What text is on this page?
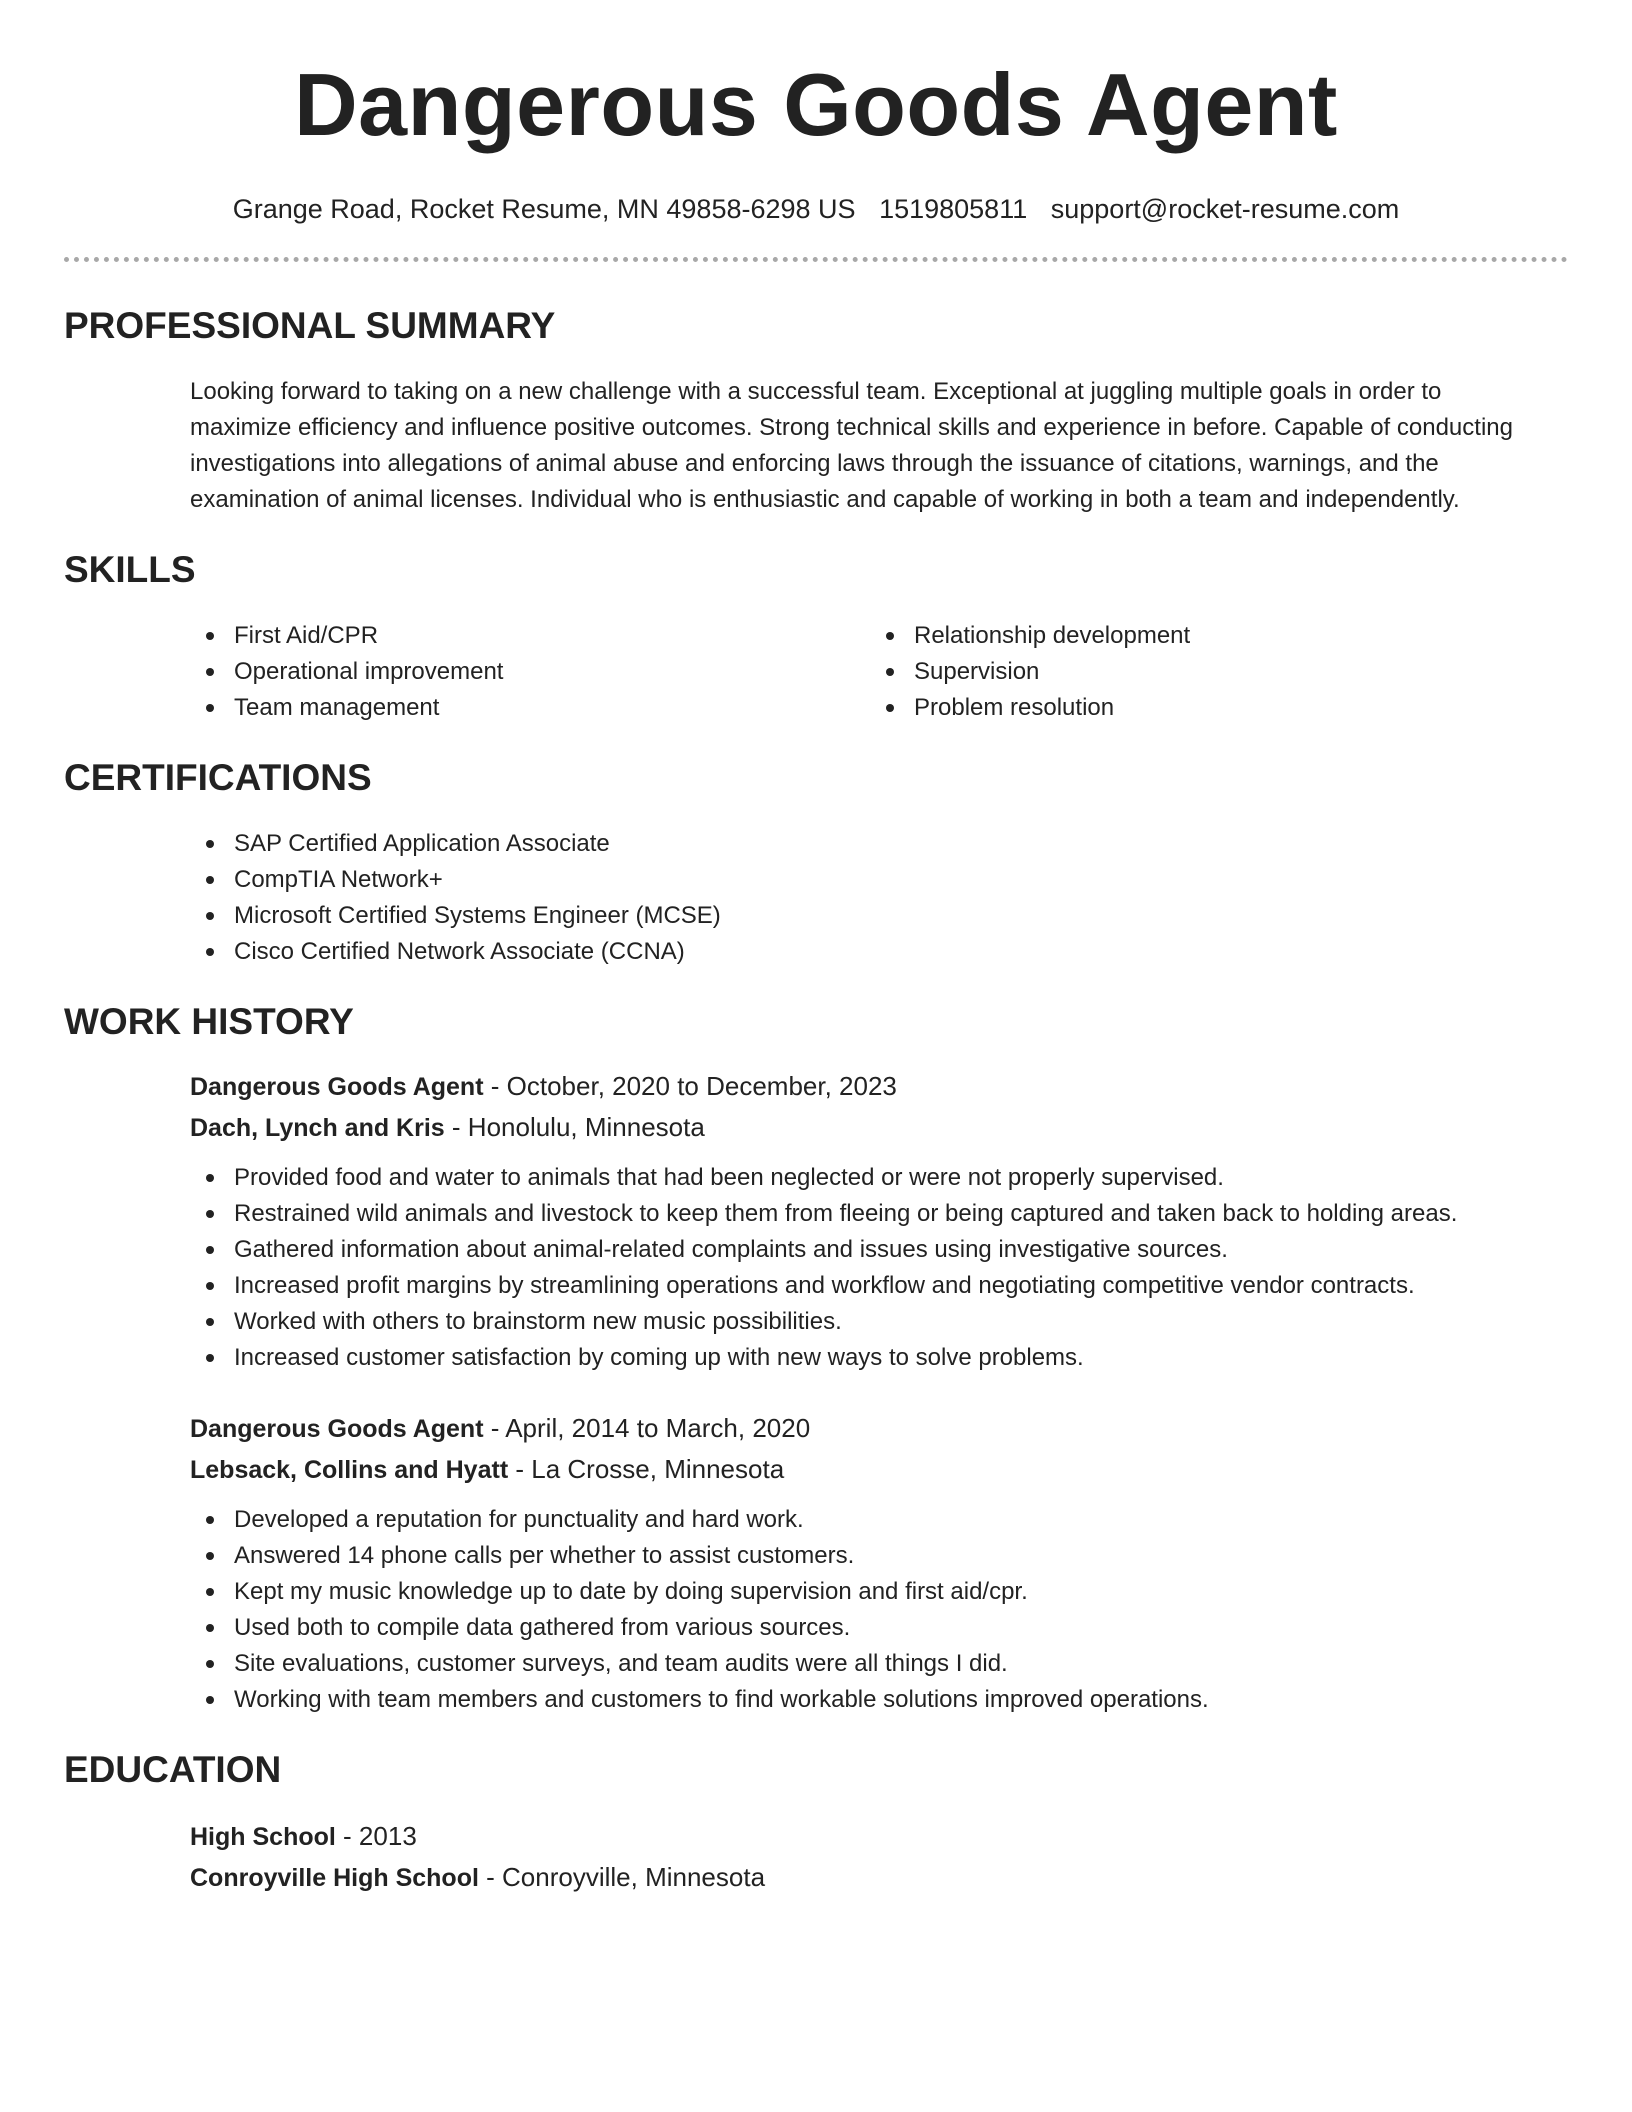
Dangerous Goods Agent
Grange Road, Rocket Resume, MN 49858-6298 US 1519805811 support@rocket-resume.com
PROFESSIONAL SUMMARY

Looking forward to taking on a new challenge with a successful team. Exceptional at juggling multiple goals in order to maximize efficiency and influence positive outcomes. Strong technical skills and experience in before. Capable of conducting investigations into allegations of animal abuse and enforcing laws through the issuance of citations, warnings, and the examination of animal licenses. Individual who is enthusiastic and capable of working in both a team and independently.

SKILLS
First Aid/CPR
Operational improvement
Team management
Relationship development
Supervision
Problem resolution
CERTIFICATIONS
SAP Certified Application Associate
CompTIA Network+
Microsoft Certified Systems Engineer (MCSE)
Cisco Certified Network Associate (CCNA)
WORK HISTORY
Dangerous Goods Agent - October, 2020 to December, 2023
Dach, Lynch and Kris - Honolulu, Minnesota
Provided food and water to animals that had been neglected or were not properly supervised.
Restrained wild animals and livestock to keep them from fleeing or being captured and taken back to holding areas.
Gathered information about animal-related complaints and issues using investigative sources.
Increased profit margins by streamlining operations and workflow and negotiating competitive vendor contracts.
Worked with others to brainstorm new music possibilities.
Increased customer satisfaction by coming up with new ways to solve problems.
Dangerous Goods Agent - April, 2014 to March, 2020
Lebsack, Collins and Hyatt - La Crosse, Minnesota
Developed a reputation for punctuality and hard work.
Answered 14 phone calls per whether to assist customers.
Kept my music knowledge up to date by doing supervision and first aid/cpr.
Used both to compile data gathered from various sources.
Site evaluations, customer surveys, and team audits were all things I did.
Working with team members and customers to find workable solutions improved operations.
EDUCATION
High School - 2013
Conroyville High School - Conroyville, Minnesota
